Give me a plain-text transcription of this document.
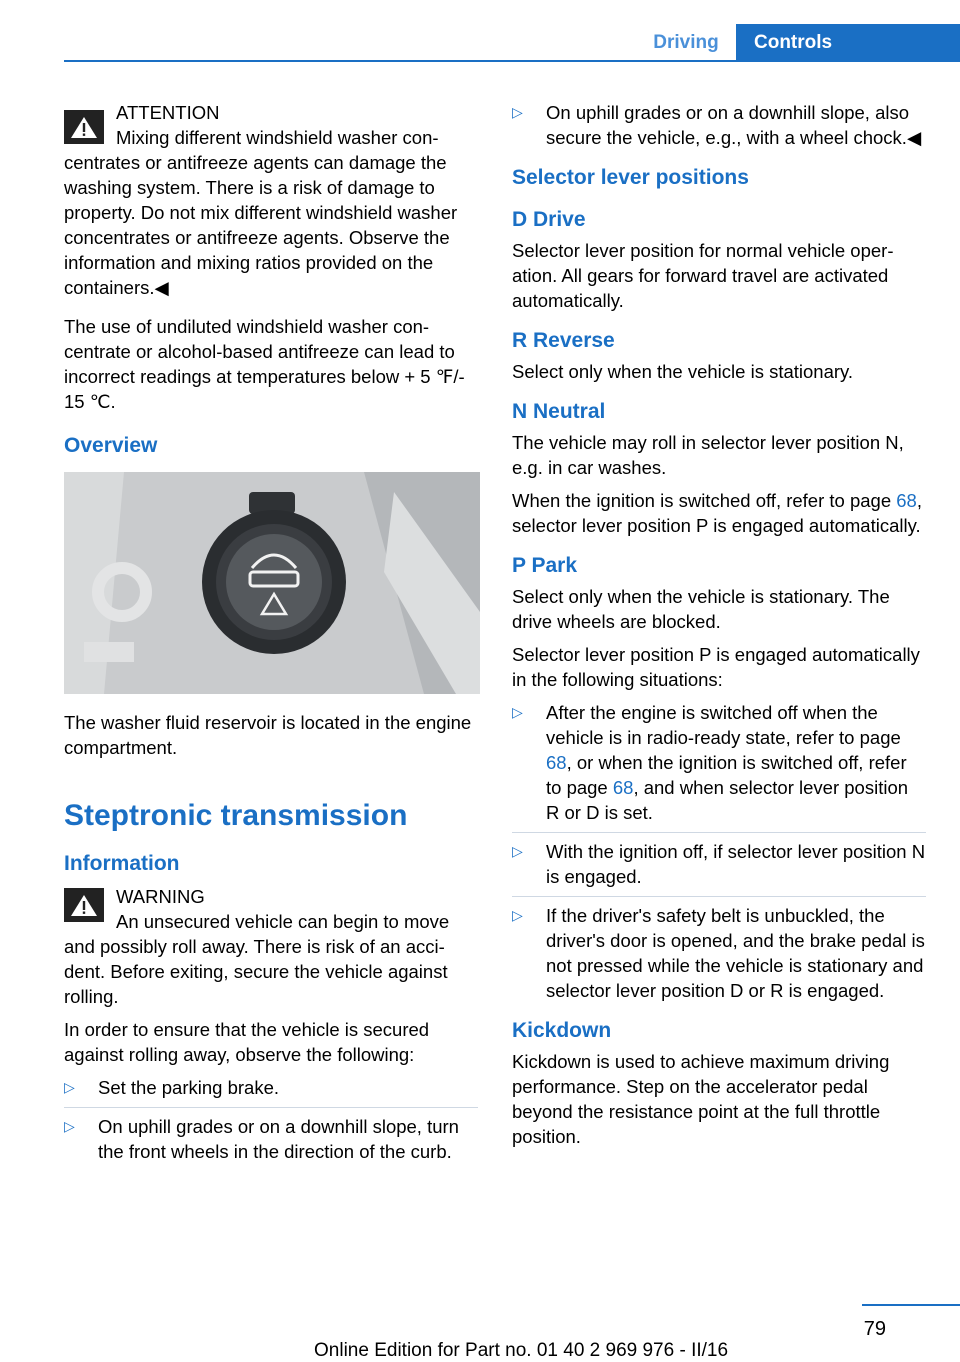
Driving	Controls
ATTENTION
Mixing different windshield washer concentrates or antifreeze agents can damage the washing system. There is a risk of damage to property. Do not mix different windshield washer concentrates or antifreeze agents. Observe the information and mixing ratios provided on the containers.◀

The use of undiluted windshield washer concentrate or alcohol-based antifreeze can lead to incorrect readings at temperatures below + 5 ℉/- 15 ℃.

Overview

The washer fluid reservoir is located in the engine compartment.

Steptronic transmission
Information
WARNING
An unsecured vehicle can begin to move and possibly roll away. There is risk of an accident. Before exiting, secure the vehicle against rolling.

In order to ensure that the vehicle is secured against rolling away, observe the following:

▷	Set the parking brake.
▷	On uphill grades or on a downhill slope, turn the front wheels in the direction of the curb.
▷	On uphill grades or on a downhill slope, also secure the vehicle, e.g., with a wheel chock.◀
Selector lever positions
D Drive

Selector lever position for normal vehicle operation. All gears for forward travel are activated automatically.

R Reverse

Select only when the vehicle is stationary.

N Neutral

The vehicle may roll in selector lever position N, e.g. in car washes.

When the ignition is switched off, refer to page 68, selector lever position P is engaged automatically.

P Park

Select only when the vehicle is stationary. The drive wheels are blocked.

Selector lever position P is engaged automatically in the following situations:

▷	After the engine is switched off when the vehicle is in radio-ready state, refer to page 68, or when the ignition is switched off, refer to page 68, and when selector lever position R or D is set.
▷	With the ignition off, if selector lever position N is engaged.
▷	If the driver's safety belt is unbuckled, the driver's door is opened, and the brake pedal is not pressed while the vehicle is stationary and selector lever position D or R is engaged.
Kickdown

Kickdown is used to achieve maximum driving performance. Step on the accelerator pedal beyond the resistance point at the full throttle position.

79
Online Edition for Part no. 01 40 2 969 976 - II/16
